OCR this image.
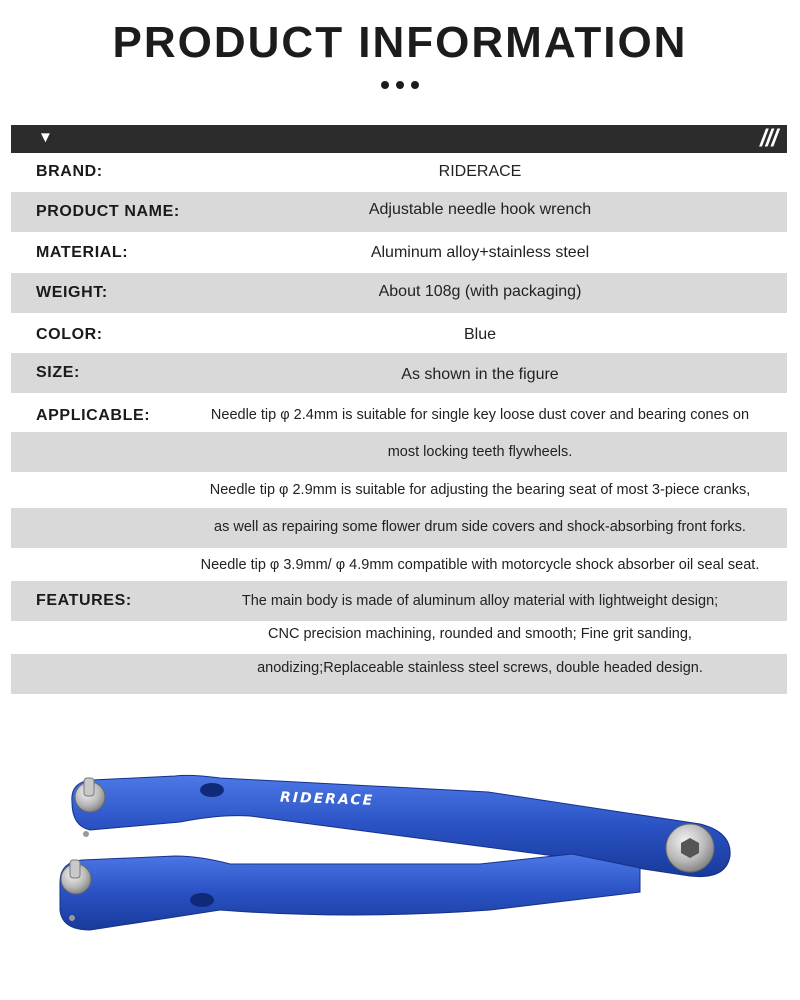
PRODUCT INFORMATION
▼	///
BRAND:	RIDERACE
PRODUCT NAME:	Adjustable needle hook wrench
MATERIAL:	Aluminum alloy+stainless steel
WEIGHT:	About 108g (with packaging)
COLOR:	Blue
SIZE:	As shown in the figure
APPLICABLE:	Needle tip φ 2.4mm is suitable for single key loose dust cover and bearing cones on
most locking teeth flywheels.
Needle tip φ 2.9mm is suitable for adjusting the bearing seat of most 3-piece cranks,
as well as repairing some flower drum side covers and shock-absorbing front forks.
Needle tip φ 3.9mm/ φ 4.9mm compatible with motorcycle shock absorber oil seal seat.
FEATURES:	The main body is made of aluminum alloy material with lightweight design;
CNC precision machining, rounded and smooth; Fine grit sanding,
anodizing;Replaceable stainless steel screws, double headed design.
RIDERACE
